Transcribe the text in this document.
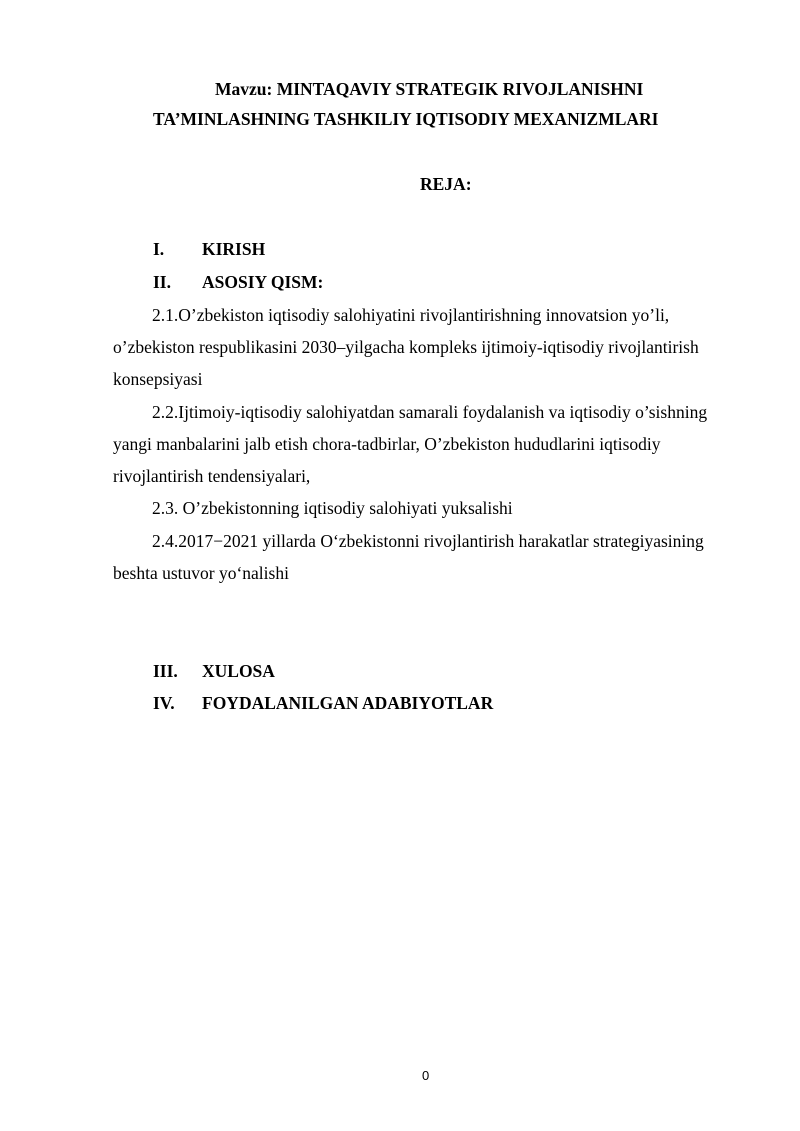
Mavzu: MINTAQAVIY STRATEGIK RIVOJLANISHNI
TA’MINLASHNING TASHKILIY IQTISODIY MEXANIZMLARI
REJA:
I. KIRISH
II. ASOSIY QISM:
2.1.O’zbekiston iqtisodiy salohiyatini rivojlantirishning innovatsion yo’li, o’zbekiston respublikasini 2030–yilgacha kompleks ijtimoiy-iqtisodiy rivojlantirish konsepsiyasi
2.2.Ijtimoiy-iqtisodiy salohiyatdan samarali foydalanish va iqtisodiy o’sishning yangi manbalarini jalb etish chora-tadbirlar, O’zbekiston hududlarini iqtisodiy rivojlantirish tendensiyalari,
2.3. O’zbekistonning iqtisodiy salohiyati yuksalishi
2.4.2017−2021 yillarda O‘zbekistonni rivojlantirish harakatlar strategiyasining beshta ustuvor yo‘nalishi
III. XULOSA
IV. FOYDALANILGAN ADABIYOTLAR
0
